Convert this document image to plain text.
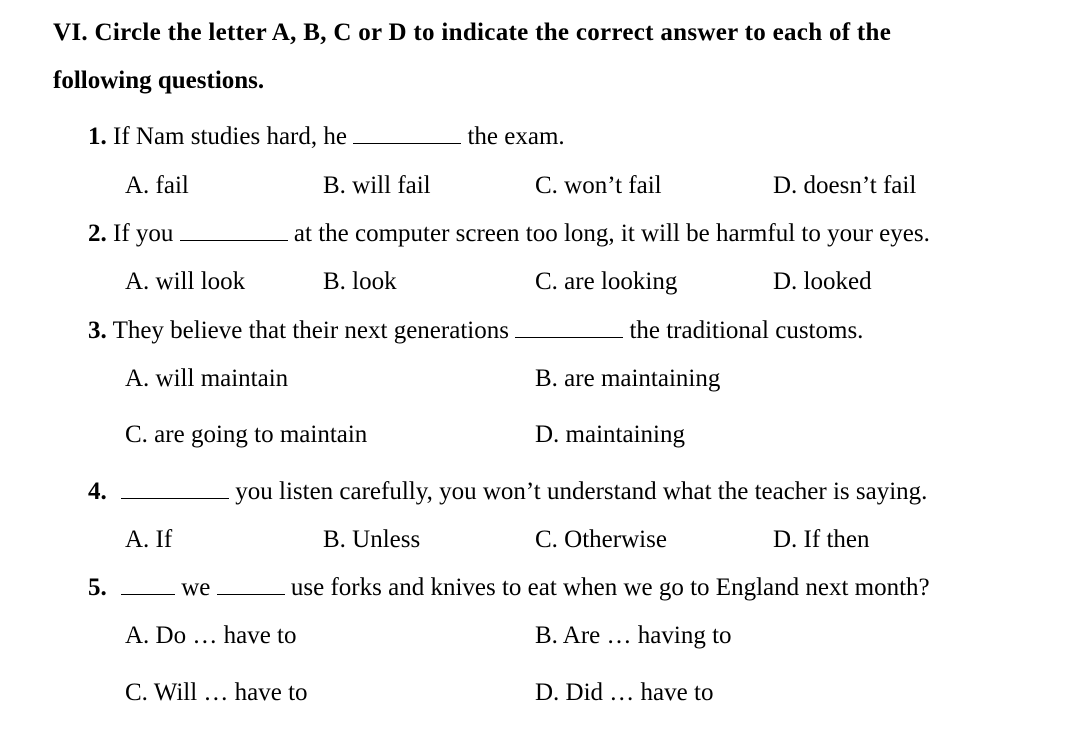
VI. Circle the letter A, B, C or D to indicate the correct answer to each of the
following questions.
1. If Nam studies hard, he	the exam.
A. fail	B. will fail	C. won’t fail	D. doesn’t fail
2. If you	at the computer screen too long, it will be harmful to your eyes.
A. will look	B. look	C. are looking	D. looked
3. They believe that their next generations	the traditional customs.
A. will maintain	B. are maintaining
C. are going to maintain	D. maintaining
4.	you listen carefully, you won’t understand what the teacher is saying.
A. If	B. Unless	C. Otherwise	D. If then
5.	we	use forks and knives to eat when we go to England next month?
A. Do … have to	B. Are … having to
C. Will … have to	D. Did … have to
